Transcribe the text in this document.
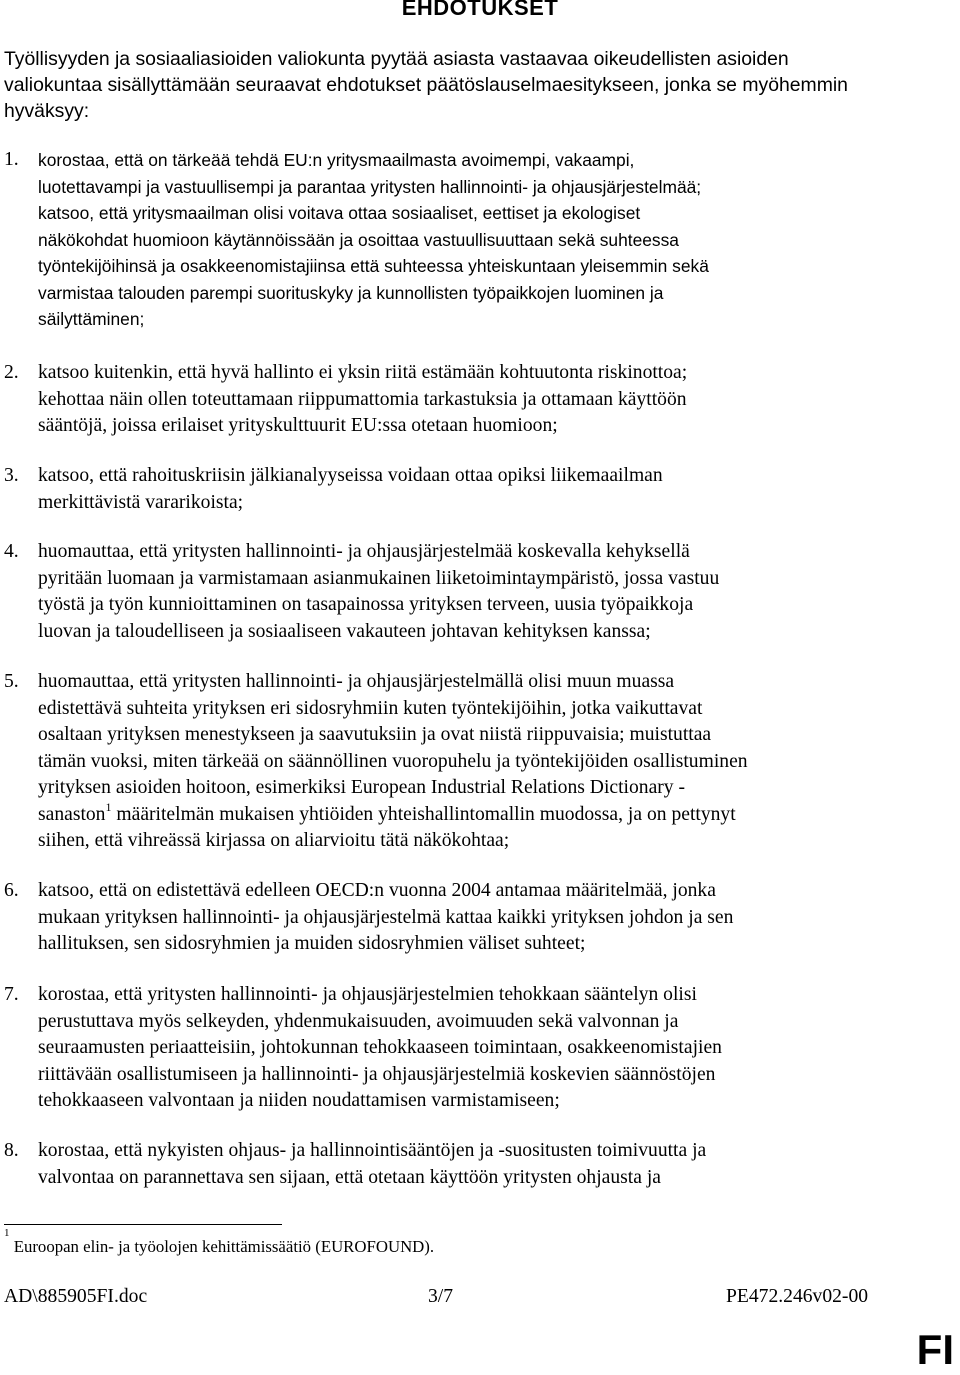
EHDOTUKSET
Työllisyyden ja sosiaaliasioiden valiokunta pyytää asiasta vastaavaa oikeudellisten asioiden valiokuntaa sisällyttämään seuraavat ehdotukset päätöslauselmaesitykseen, jonka se myöhemmin hyväksyy:
1. korostaa, että on tärkeää tehdä EU:n yritysmaailmasta avoimempi, vakaampi,
luotettavampi ja vastuullisempi ja parantaa yritysten hallinnointi- ja ohjausjärjestelmää;
katsoo, että yritysmaailman olisi voitava ottaa sosiaaliset, eettiset ja ekologiset
näkökohdat huomioon käytännöissään ja osoittaa vastuullisuuttaan sekä suhteessa
työntekijöihinsä ja osakkeenomistajiinsa että suhteessa yhteiskuntaan yleisemmin sekä
varmistaa talouden parempi suorituskyky ja kunnollisten työpaikkojen luominen ja
säilyttäminen;
2. katsoo kuitenkin, että hyvä hallinto ei yksin riitä estämään kohtuutonta riskinottoa;
kehottaa näin ollen toteuttamaan riippumattomia tarkastuksia ja ottamaan käyttöön
sääntöjä, joissa erilaiset yrityskulttuurit EU:ssa otetaan huomioon;
3. katsoo, että rahoituskriisin jälkianalyyseissa voidaan ottaa opiksi liikemaailman
merkittävistä vararikoista;
4. huomauttaa, että yritysten hallinnointi- ja ohjausjärjestelmää koskevalla kehyksellä
pyritään luomaan ja varmistamaan asianmukainen liiketoimintaympäristö, jossa vastuu
työstä ja työn kunnioittaminen on tasapainossa yrityksen terveen, uusia työpaikkoja
luovan ja taloudelliseen ja sosiaaliseen vakauteen johtavan kehityksen kanssa;
5. huomauttaa, että yritysten hallinnointi- ja ohjausjärjestelmällä olisi muun muassa
edistettävä suhteita yrityksen eri sidosryhmiin kuten työntekijöihin, jotka vaikuttavat
osaltaan yrityksen menestykseen ja saavutuksiin ja ovat niistä riippuvaisia; muistuttaa
tämän vuoksi, miten tärkeää on säännöllinen vuoropuhelu ja työntekijöiden osallistuminen
yrityksen asioiden hoitoon, esimerkiksi European Industrial Relations Dictionary -
sanaston$^1$ määritelmän mukaisen yhtiöiden yhteishallintomallin muodossa, ja on pettynyt
siihen, että vihreässä kirjassa on aliarvioitu tätä näkökohtaa;
6. katsoo, että on edistettävä edelleen OECD:n vuonna 2004 antamaa määritelmää, jonka
mukaan yrityksen hallinnointi- ja ohjausjärjestelmä kattaa kaikki yrityksen johdon ja sen
hallituksen, sen sidosryhmien ja muiden sidosryhmien väliset suhteet;
7. korostaa, että yritysten hallinnointi- ja ohjausjärjestelmien tehokkaan sääntelyn olisi
perustuttava myös selkeyden, yhdenmukaisuuden, avoimuuden sekä valvonnan ja
seuraamusten periaatteisiin, johtokunnan tehokkaaseen toimintaan, osakkeenomistajien
riittävään osallistumiseen ja hallinnointi- ja ohjausjärjestelmiä koskevien säännöstöjen
tehokkaaseen valvontaan ja niiden noudattamisen varmistamiseen;
8. korostaa, että nykyisten ohjaus- ja hallinnointisääntöjen ja -suositusten toimivuutta ja
valvontaa on parannettava sen sijaan, että otetaan käyttöön yritysten ohjausta ja
$^1$ Euroopan elin- ja työolojen kehittämissäätiö (EUROFOUND).
AD\885905FI.doc	3/7	PE472.246v02-00
FI
